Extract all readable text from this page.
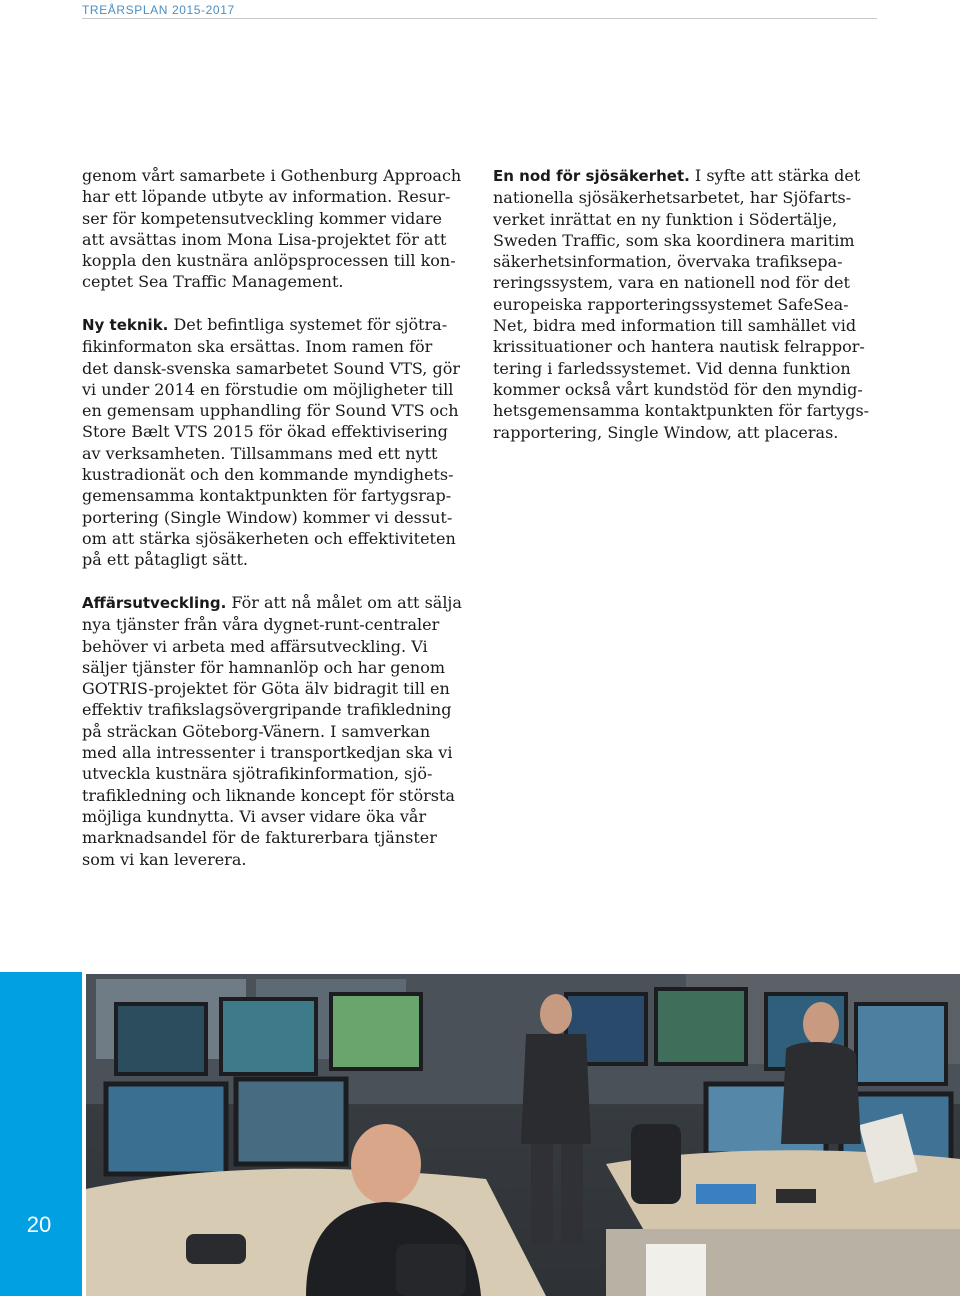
TREÅRSPLAN 2015-2017

genom vårt samarbete i Gothenburg Approach
har ett löpande utbyte av information. Resur-
ser för kompetensutveckling kommer vidare
att avsättas inom Mona Lisa-projektet för att
koppla den kustnära anlöpsprocessen till kon-
ceptet Sea Traffic Management.

Ny teknik. Det befintliga systemet för sjötra-
fikinformaton ska ersättas. Inom ramen för
det dansk-svenska samarbetet Sound VTS, gör
vi under 2014 en förstudie om möjligheter till
en gemensam upphandling för Sound VTS och
Store Bælt VTS 2015 för ökad effektivisering
av verksamheten. Tillsammans med ett nytt
kustradionät och den kommande myndighets-
gemensamma kontaktpunkten för fartygsrap-
portering (Single Window) kommer vi dessut-
om att stärka sjösäkerheten och effektiviteten
på ett påtagligt sätt.

Affärsutveckling. För att nå målet om att sälja
nya tjänster från våra dygnet-runt-centraler
behöver vi arbeta med affärsutveckling. Vi
säljer tjänster för hamnanlöp och har genom
GOTRIS-projektet för Göta älv bidragit till en
effektiv trafikslagsövergripande trafikledning
på sträckan Göteborg-Vänern. I samverkan
med alla intressenter i transportkedjan ska vi
utveckla kustnära sjötrafikinformation, sjö-
trafikledning och liknande koncept för största
möjliga kundnytta. Vi avser vidare öka vår
marknadsandel för de fakturerbara tjänster
som vi kan leverera.

En nod för sjösäkerhet. I syfte att stärka det
nationella sjösäkerhetsarbetet, har Sjöfarts-
verket inrättat en ny funktion i Södertälje,
Sweden Traffic, som ska koordinera maritim
säkerhetsinformation, övervaka trafiksepa-
reringssystem, vara en nationell nod för det
europeiska rapporteringssystemet SafeSea-
Net, bidra med information till samhället vid
krissituationer och hantera nautisk felrappor-
tering i farledssystemet. Vid denna funktion
kommer också vårt kundstöd för den myndig-
hetsgemensamma kontaktpunkten för fartygs-
rapportering, Single Window, att placeras.

20
